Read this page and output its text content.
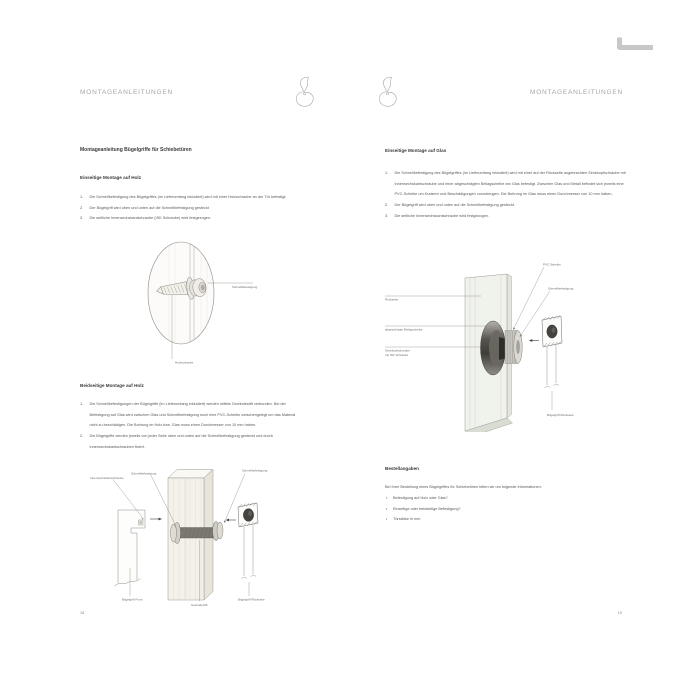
MONTAGEANLEITUNGEN	MONTAGEANLEITUNGEN
Montageanleitung Bügelgriffe für Schiebetüren
Einseitige Montage auf Holz
1.	Die Schnellbefestigung des Bügelgriffes (im Lieferumfang inkludiert) wird mit einer Holzschraube an der Tür befestigt.
2.	Der Bügelgriff wird oben und unten auf die Schnellbefestigung gesteckt
3.	Die seitliche Innensechskantschraube (ISK Schraube) wird festgezogen.
Schnellbefestigung
Holzschraube
Beidseitige Montage auf Holz
1.	Die Schnellbefestigungen der Bügelgriffe (im Lieferumfang inkludiert) werden mittels Gewindestift verbunden. Bei der Befestigung auf Glas wird zwischen Glas und Schnellbefestigung noch eine PVC-Scheibe zwischengelegt um das Material nicht zu beschädigen. Die Bohrung im Holz bzw. Glas muss einen Durchmesser von 10 mm haben.
2.	Die Bügelgriffe werden jeweils von jeder Seite oben und unten auf die Schnellbefestigung gesteckt und durch Innensechskantschrauben fixiert.
Innensechskantschraube
Schnellbefestigung
Schnellbefestigung
Bügelgriff Front	Bügelgriff Rückseite
Gewindestift
18
Einseitige Montage auf Glas
1.	Die Schnellbefestigung des Bügelgriffes (im Lieferumfang inkludiert) wird mit einer auf der Rückseite angebrachten Senkkopfschraube mit Innensechskantschraube und einer abgeschrägten Beilagscheibe am Glas befestigt. Zwischen Glas und Metall befindet sich jeweils eine PVC-Scheibe um Kratzern und Beschädigungen vorzubeugen. Die Bohrung im Glas muss einen Durchmesser von 10 mm haben.
2.	Der Bügelgriff wird oben und unten auf die Schnellbefestigung gesteckt.
3.	Die seitliche Innensechskantschraube wird festgezogen.
PVC Scheibe
Schnellbefestigung
Rückseite
abgeschrägte Beilagscheibe
Senkkopfschraube
mit ISK Schraube
Bügelgriff Rückseite
Bestellangaben
Bei Ihrer Bestellung eines Bügelgriffes für Schiebetüren bitten wir um folgende Informationen:
•	Befestigung auf Holz oder Glas?
•	Einseitige oder beidseitige Befestigung?
•	Türstärke in mm
19
